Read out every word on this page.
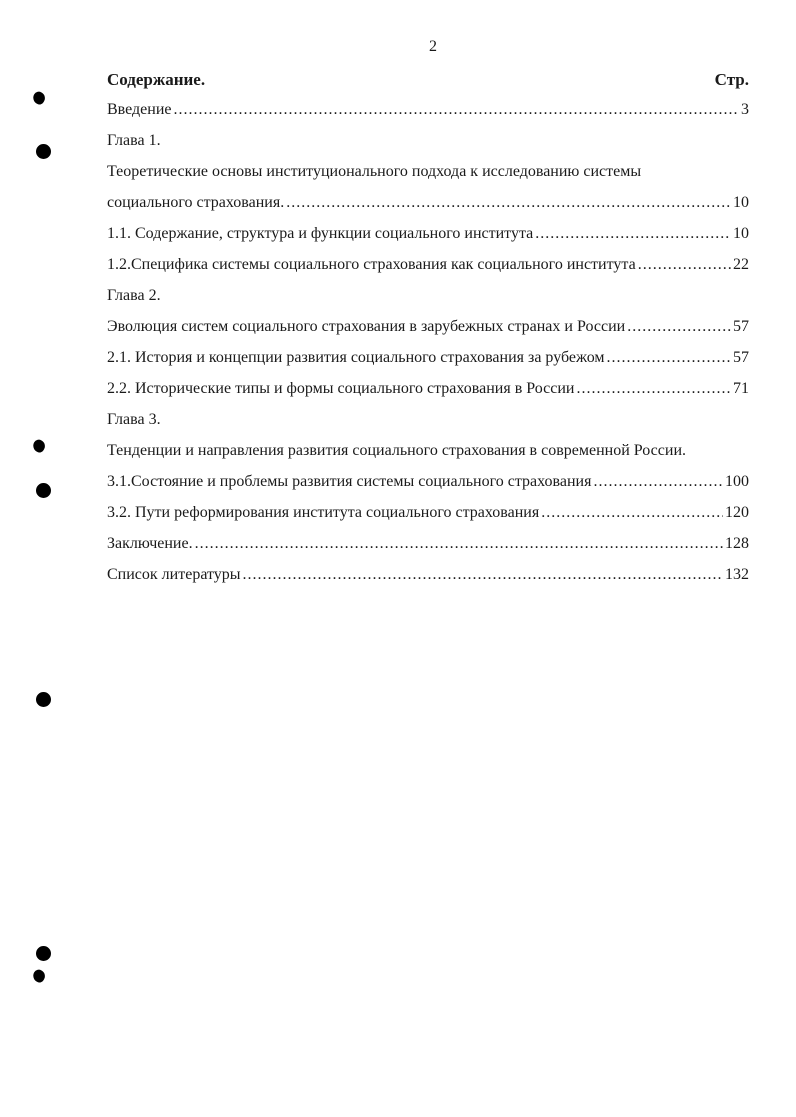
2
Содержание.	Стр.
Введение .....	3
Глава 1.
Теоретические основы институционального подхода к исследованию системы
социального страхования. .....	10
1.1. Содержание, структура и функции социального института .....	10
1.2.Специфика системы социального страхования как социального института .....	22
Глава 2.
Эволюция систем социального страхования в зарубежных странах и России .....	57
2.1. История и концепции развития социального страхования за рубежом .....	57
2.2. Исторические типы и формы социального страхования в России .....	71
Глава 3.
Тенденции и направления развития социального страхования в современной России.
3.1.Состояние и проблемы развития системы социального страхования .....	100
3.2. Пути реформирования института социального страхования .....	120
Заключение. .....	128
Список литературы .....	132
